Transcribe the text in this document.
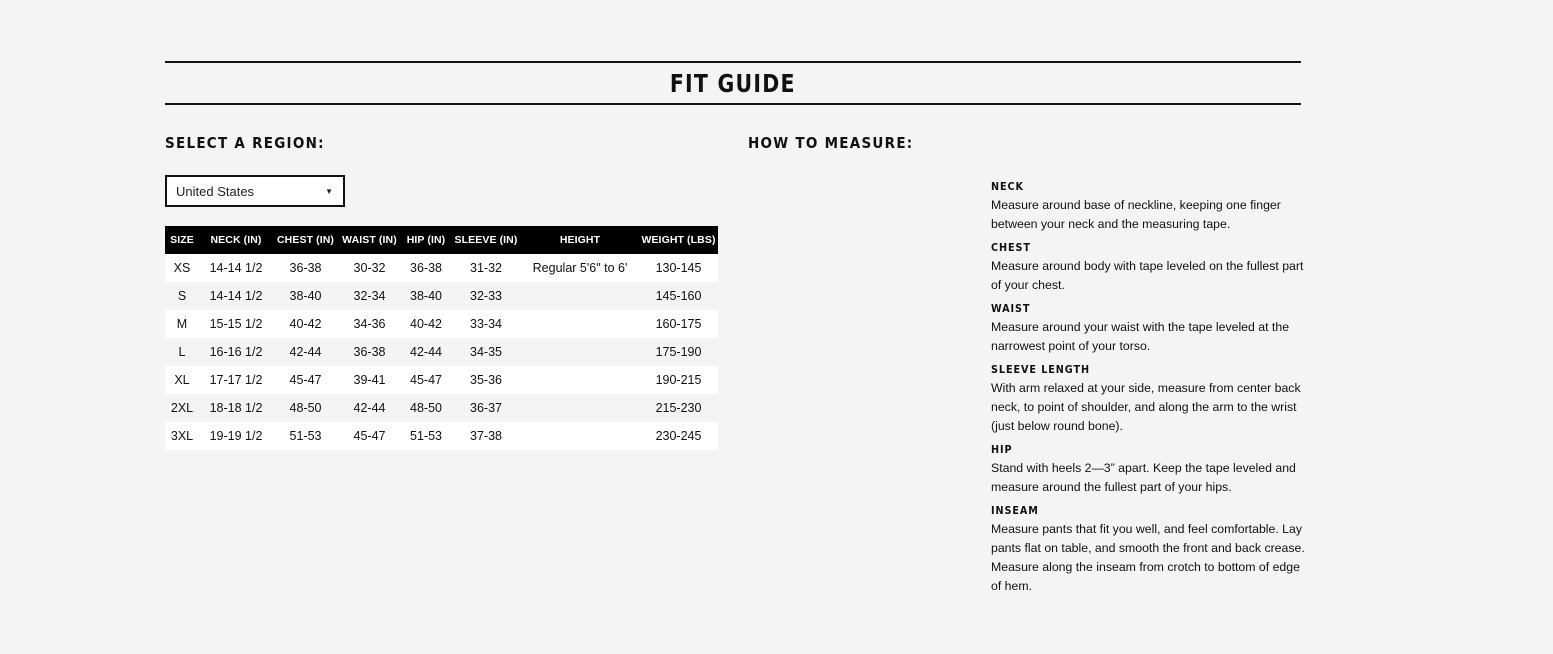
FIT GUIDE
SELECT A REGION:	HOW TO MEASURE:
United States	▼
SIZE	NECK (IN)	CHEST (IN)	WAIST (IN)	HIP (IN)	SLEEVE (IN)	HEIGHT	WEIGHT (LBS)
XS	14-14 1/2	36-38	30-32	36-38	31-32	Regular 5'6" to 6'	130-145
S	14-14 1/2	38-40	32-34	38-40	32-33		145-160
M	15-15 1/2	40-42	34-36	40-42	33-34		160-175
L	16-16 1/2	42-44	36-38	42-44	34-35		175-190
XL	17-17 1/2	45-47	39-41	45-47	35-36		190-215
2XL	18-18 1/2	48-50	42-44	48-50	36-37		215-230
3XL	19-19 1/2	51-53	45-47	51-53	37-38		230-245
NECK
Measure around base of neckline, keeping one finger between your neck and the measuring tape.
CHEST
Measure around body with tape leveled on the fullest part of your chest.
WAIST
Measure around your waist with the tape leveled at the narrowest point of your torso.
SLEEVE LENGTH
With arm relaxed at your side, measure from center back neck, to point of shoulder, and along the arm to the wrist (just below round bone).
HIP
Stand with heels 2—3” apart. Keep the tape leveled and measure around the fullest part of your hips.
INSEAM
Measure pants that fit you well, and feel comfortable. Lay pants flat on table, and smooth the front and back crease. Measure along the inseam from crotch to bottom of edge of hem.
